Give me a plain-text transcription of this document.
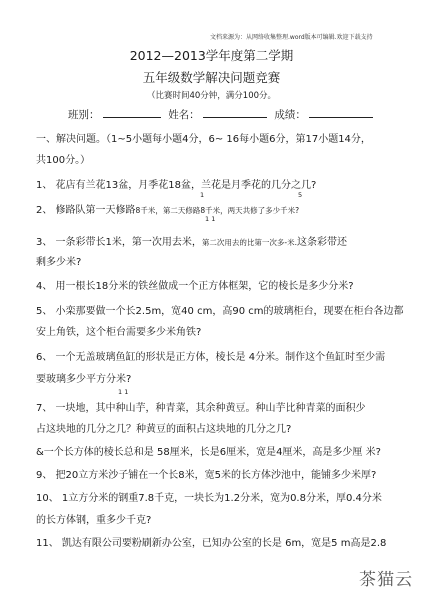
文档来源为：从网络收集整理.word版本可编辑.欢迎下载支持
2012—2013学年度第二学期
五年级数学解决问题竞赛
（比赛时间40分钟，满分100分。
班别：	姓名：	成绩：
一、解决问题。（1~5小题每小题4分，6~ 16每小题6分，第17小题14分，
共100分。）
1、 花店有兰花13盆，月季花18盆，兰花是月季花的几分之几?
1	5
2、 修路队第一天修路8千米，第二天修路8千米，两天共修了多少千米?
1 1
3、 一条彩带长1米，第一次用去米，第二次用去的比第一次多-米.这条彩带还
剩多少米?
4、 用一根长18分米的铁丝做成一个正方体框架，它的棱长是多少分米?
5、 小栾那要做一个长2.5m，宽40 cm，高90 cm的玻璃柜台，现要在柜台各边都
安上角铁，这个柜台需要多少米角铁?
6、 一个无盖玻璃鱼缸的形状是正方体，棱长是 4分米。制作这个鱼缸时至少需
要玻璃多少平方分米?
1 1
7、 一块地，其中种山芋，种青菜，其余种黄豆。种山芋比种青菜的面积少
占这块地的几分之几？种黄豆的面积占这块地的几分之几?
&一个长方体的棱长总和是 58厘米，长是6厘米，宽是4厘米，高是多少厘 米?
9、 把20立方米沙子铺在一个长8米，宽5米的长方体沙池中，能铺多少米厚?
10、 1立方分米的钢重7.8千克，一块长为1.2分米，宽为0.8分米，厚0.4分米
的长方体钢，重多少千克?
11、 凯达有限公司要粉刷新办公室，已知办公室的长是 6m，宽是5 m高是2.8
茶猫云
